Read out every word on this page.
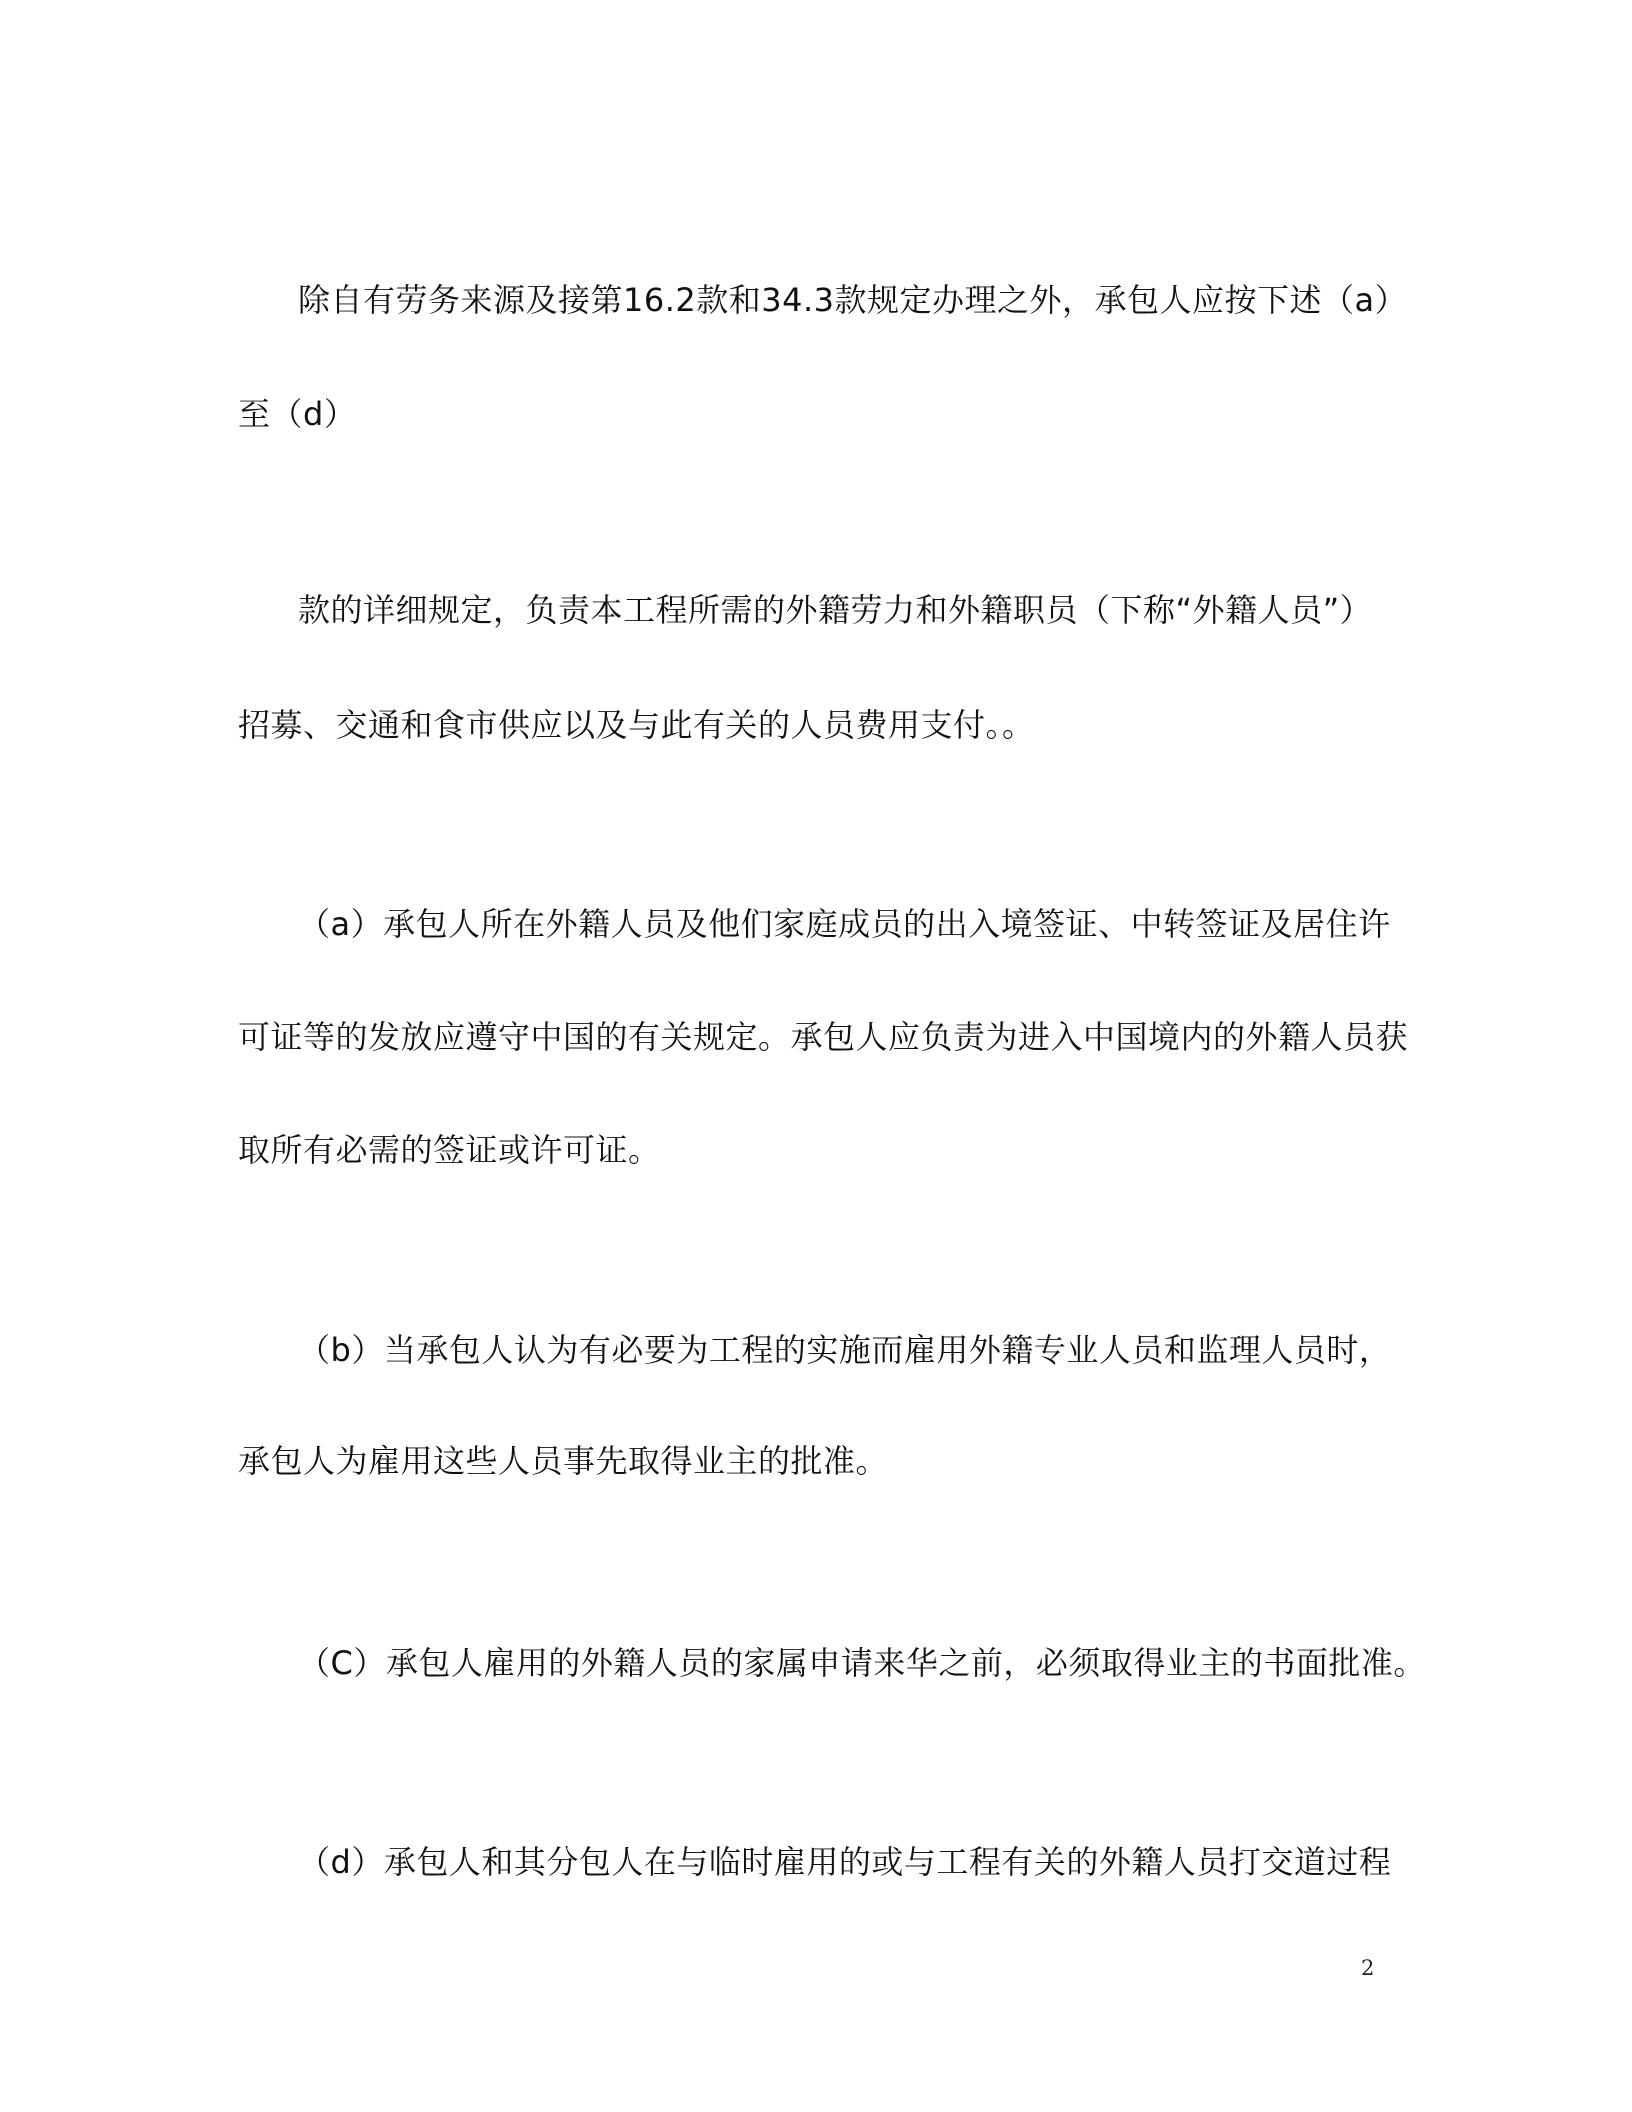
除自有劳务来源及接第16.2款和34.3款规定办理之外，承包人应按下述（a）
至（d）
款的详细规定，负责本工程所需的外籍劳力和外籍职员（下称“外籍人员”）
招募、交通和食市供应以及与此有关的人员费用支付。。
（a）承包人所在外籍人员及他们家庭成员的出入境签证、中转签证及居住许
可证等的发放应遵守中国的有关规定。承包人应负责为进入中国境内的外籍人员获
取所有必需的签证或许可证。
（b）当承包人认为有必要为工程的实施而雇用外籍专业人员和监理人员时，
承包人为雇用这些人员事先取得业主的批准。
（C）承包人雇用的外籍人员的家属申请来华之前，必须取得业主的书面批准。
（d）承包人和其分包人在与临时雇用的或与工程有关的外籍人员打交道过程
2
